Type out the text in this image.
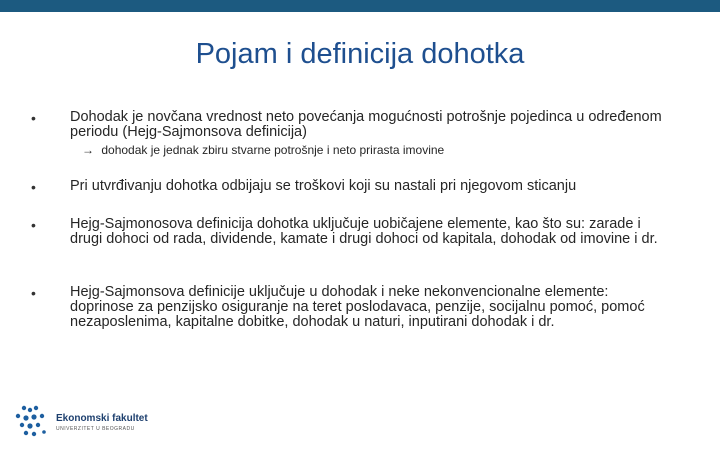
Pojam i definicija dohotka
• Dohodak je novčana vrednost neto povećanja mogućnosti potrošnje pojedinca u određenom periodu (Hejg-Sajmonsova definicija)
→ dohodak je jednak zbiru stvarne potrošnje i neto prirasta imovine
• Pri utvrđivanju dohotka odbijaju se troškovi koji su nastali pri njegovom sticanju
• Hejg-Sajmonosova definicija dohotka uključuje uobičajene elemente, kao što su: zarade i drugi dohoci od rada, dividende, kamate i drugi dohoci od kapitala, dohodak od imovine i dr.
• Hejg-Sajmonsova definicije uključuje u dohodak i neke nekonvencionalne elemente: doprinose za penzijsko osiguranje na teret poslodavaca, penzije, socijalnu pomoć, pomoć nezaposlenima, kapitalne dobitke, dohodak u naturi, inputirani dohodak i dr.
Ekonomski fakultet
UNIVERZITET U BEOGRADU
